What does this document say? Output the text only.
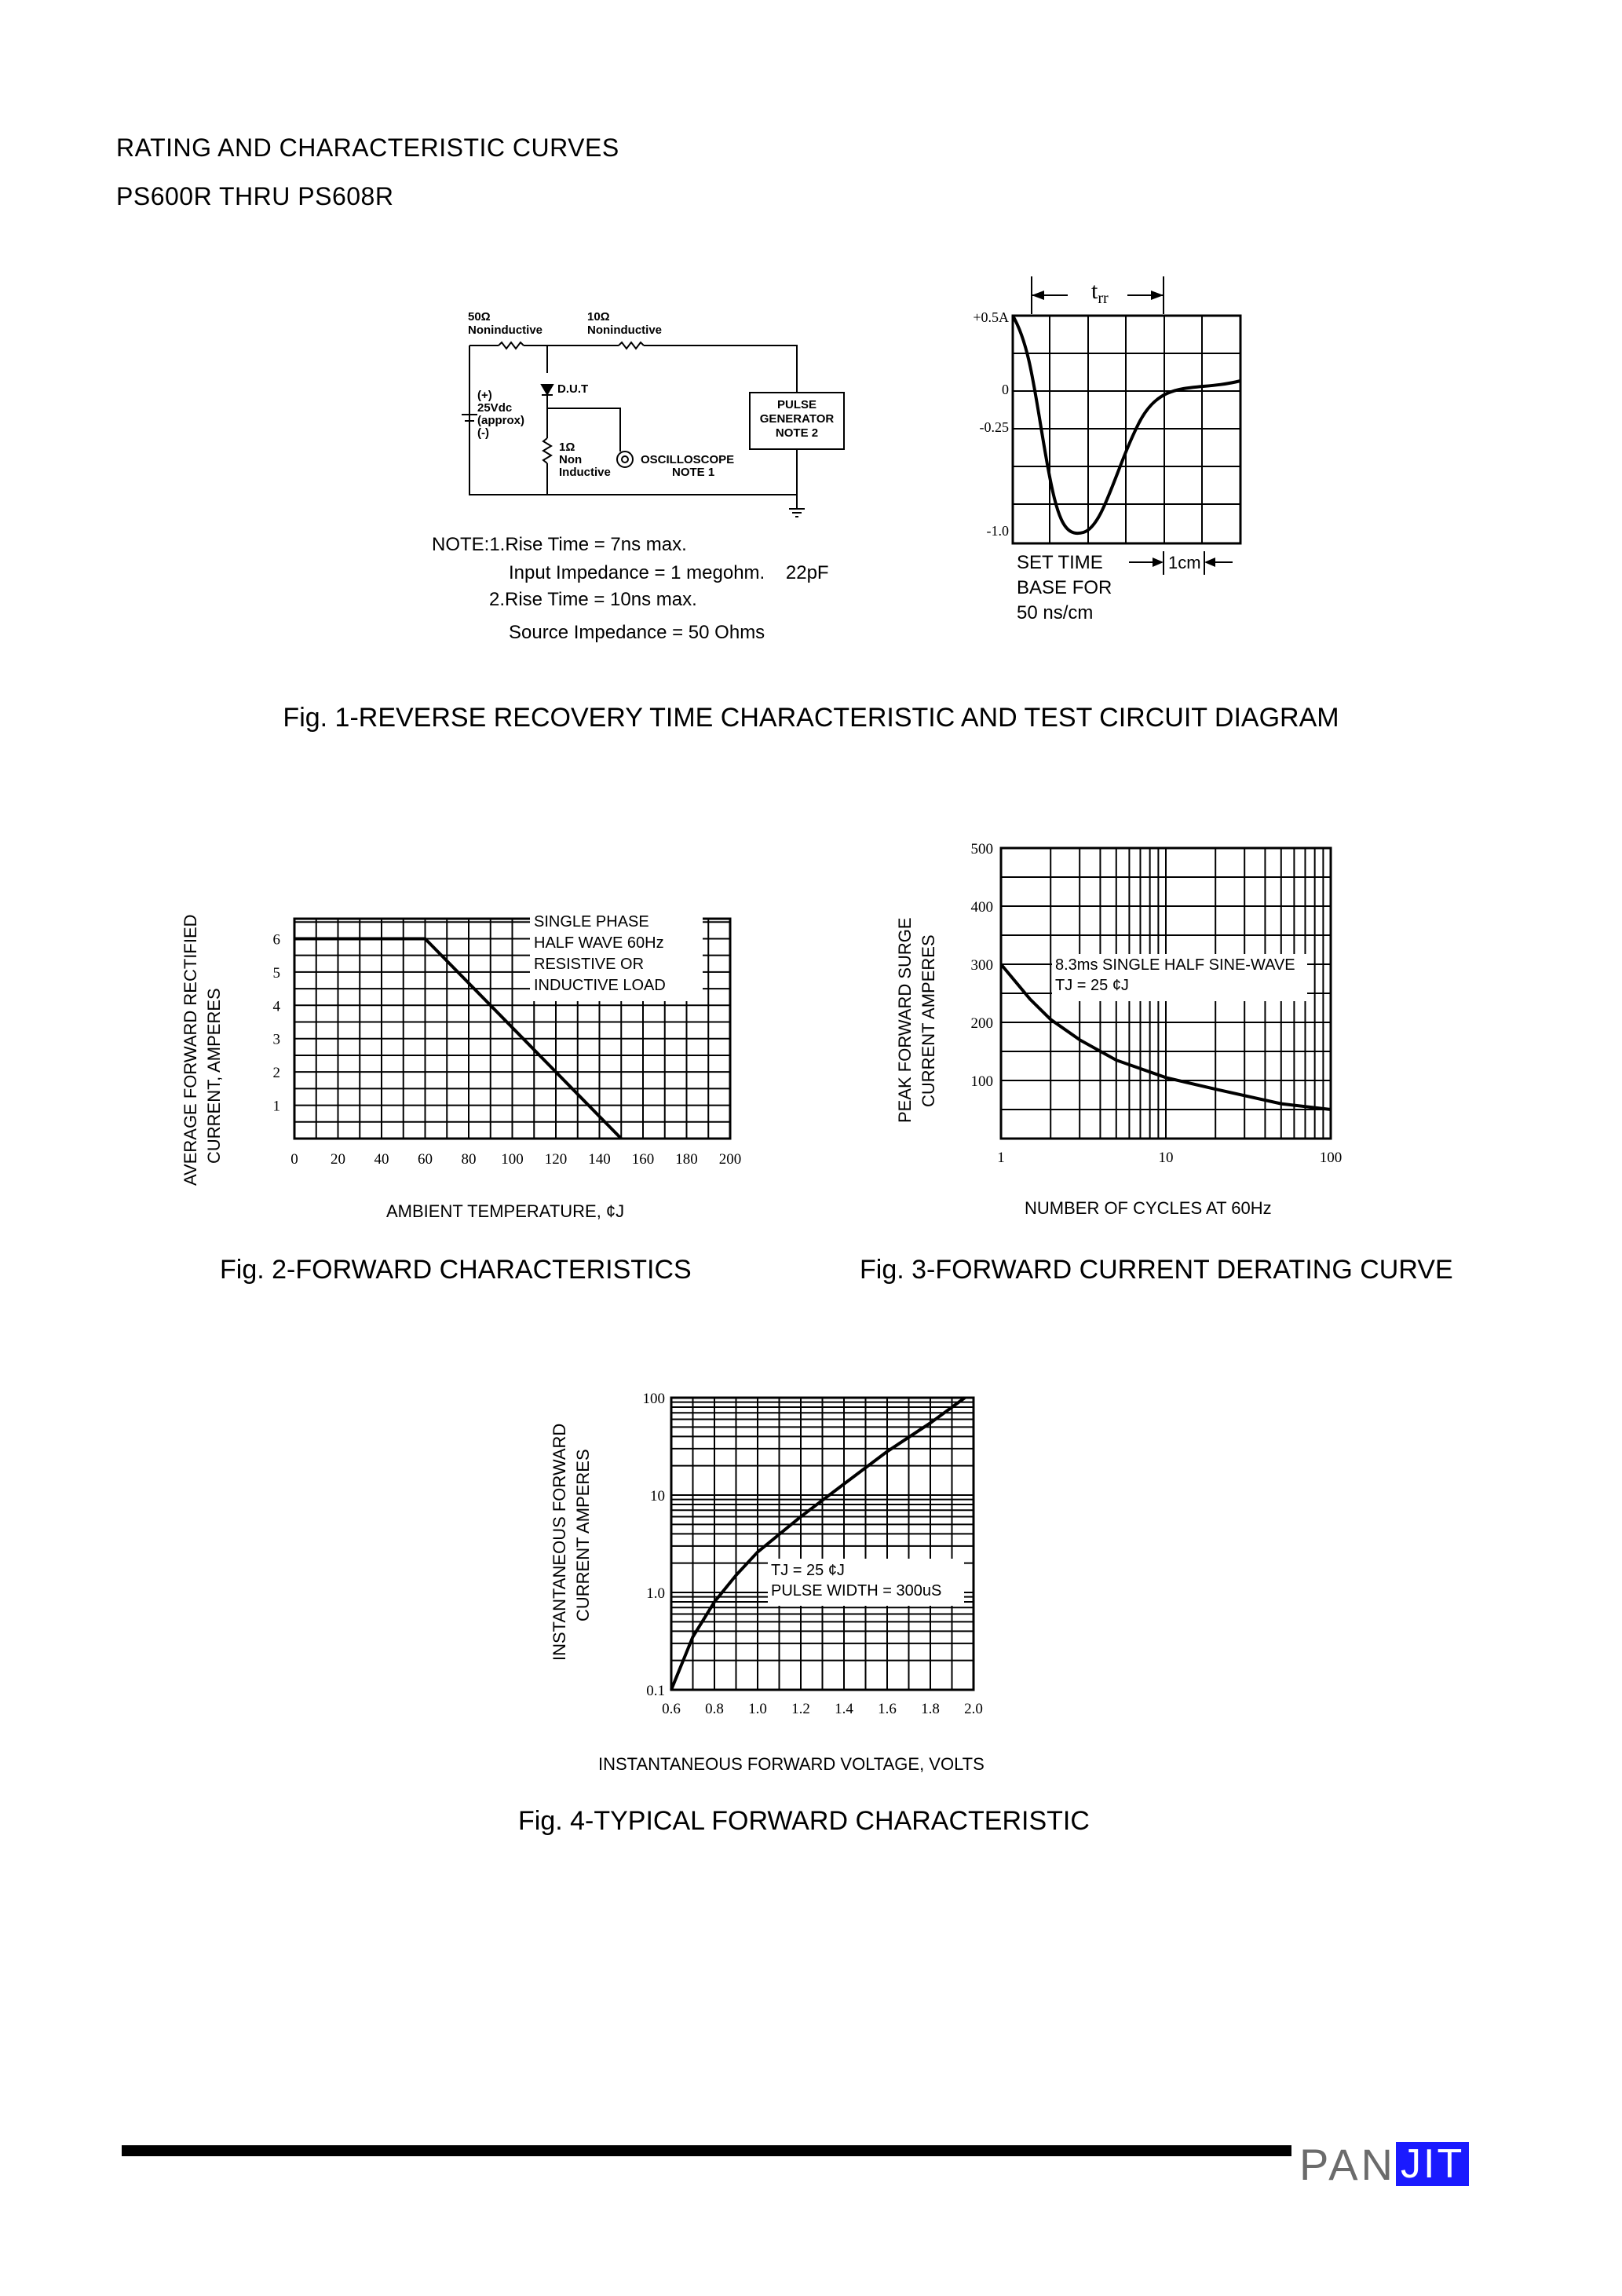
RATING AND CHARACTERISTIC CURVES
PS600R THRU PS608R
50Ω
Noninductive
10Ω
Noninductive
(+)
25Vdc
(approx)
(-)
D.U.T
1Ω
Non
Inductive
OSCILLOSCOPE
NOTE 1
PULSE
GENERATOR
NOTE 2
NOTE:1.Rise Time = 7ns max.
Input Impedance = 1 megohm.    22pF
2.Rise Time = 10ns max.
Source Impedance = 50 Ohms
$t_{rr}$
+0.5A
0
-0.25
-1.0
1cm
SET TIME
BASE FOR
50 ns/cm
Fig. 1-REVERSE RECOVERY TIME CHARACTERISTIC AND TEST CIRCUIT DIAGRAM
0 20 40 60 80 100 120 140 160 180 200
1
2
3
4
5
6
SINGLE PHASE
HALF WAVE 60Hz
RESISTIVE OR
INDUCTIVE LOAD
AVERAGE FORWARD RECTIFIED CURRENT, AMPERES
AMBIENT TEMPERATURE, ¢J
Fig. 2-FORWARD CHARACTERISTICS
1	10	100
100
200
300
400
500
8.3ms SINGLE HALF SINE-WAVE
TJ = 25 ¢J
PEAK FORWARD SURGE CURRENT AMPERES
NUMBER OF CYCLES AT 60Hz
Fig. 3-FORWARD CURRENT DERATING CURVE
0.6 0.8 1.0 1.2 1.4 1.6 1.8 2.0
0.1
1.0
10
100
TJ = 25 ¢J
PULSE WIDTH = 300uS
INSTANTANEOUS FORWARD CURRENT AMPERES
INSTANTANEOUS FORWARD VOLTAGE, VOLTS
Fig. 4-TYPICAL FORWARD CHARACTERISTIC
PAN JIT
